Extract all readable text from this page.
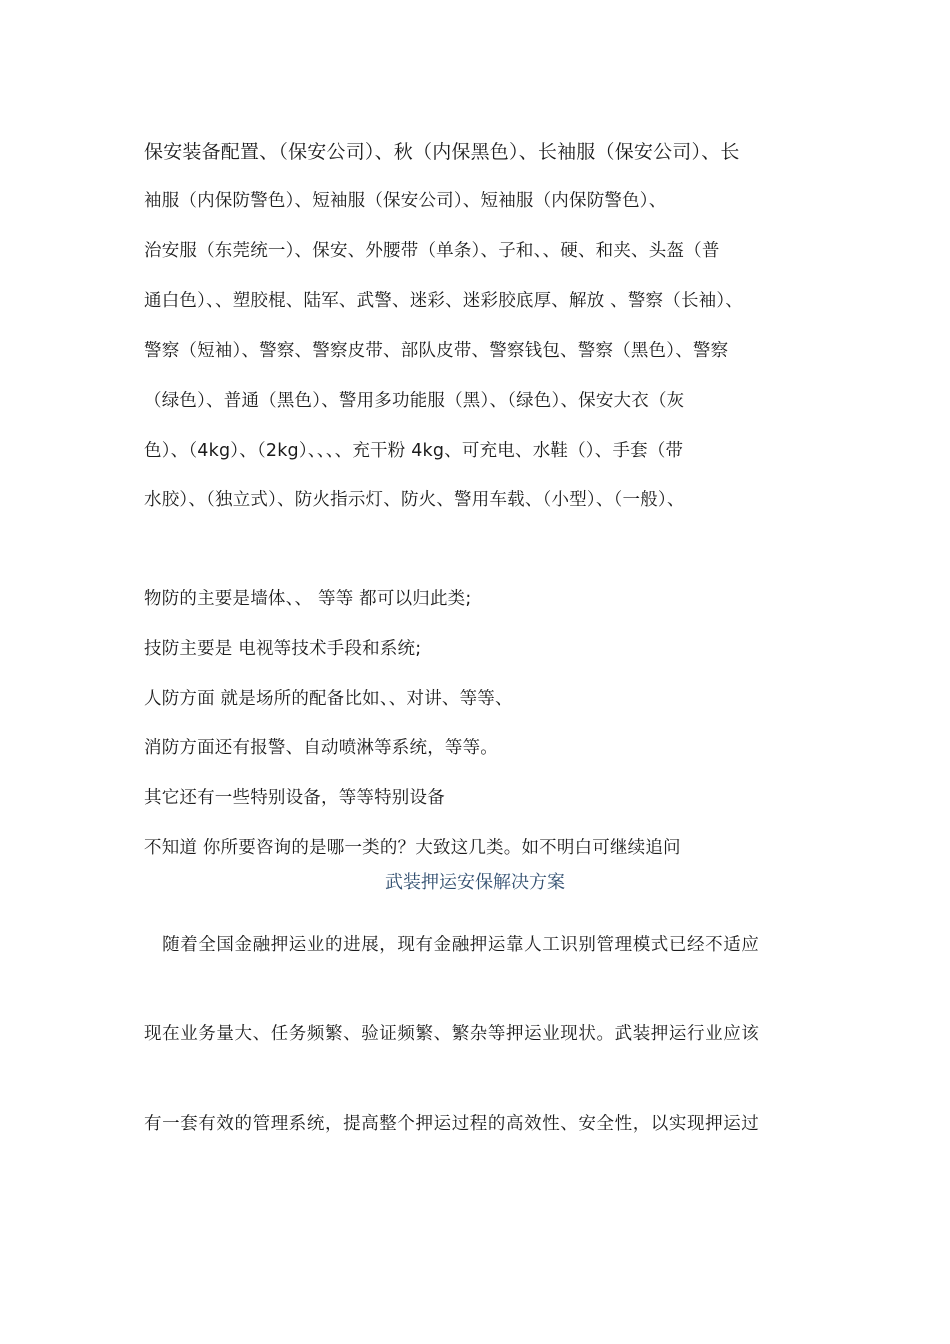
保安装备配置、（保安公司）、秋（内保黑色）、长袖服（保安公司）、长
袖服（内保防警色）、短袖服（保安公司）、短袖服（内保防警色）、
治安服（东莞统一）、保安、外腰带（单条）、子和、、硬、和夹、头盔（普
通白色）、、塑胶棍、陆军、武警、迷彩、迷彩胶底厚、解放 、警察（长袖）、
警察（短袖）、警察、警察皮带、部队皮带、警察钱包、警察（黑色）、警察
（绿色）、普通（黑色）、警用多功能服（黑）、（绿色）、保安大衣（灰
色）、（4kg）、（2kg）、、、、充干粉 4kg、可充电、水鞋（）、手套（带
水胶）、（独立式）、防火指示灯、防火、警用车载、（小型）、（一般）、
物防的主要是墙体、、 等等 都可以归此类;
技防主要是 电视等技术手段和系统;
人防方面 就是场所的配备比如、、对讲、等等、
消防方面还有报警、自动喷淋等系统，等等。
其它还有一些特别设备，等等特别设备
不知道 你所要咨询的是哪一类的？大致这几类。如不明白可继续追问
武装押运安保解决方案
　随着全国金融押运业的进展，现有金融押运靠人工识别管理模式已经不适应
现在业务量大、任务频繁、验证频繁、繁杂等押运业现状。武装押运行业应该
有一套有效的管理系统，提高整个押运过程的高效性、安全性，以实现押运过
